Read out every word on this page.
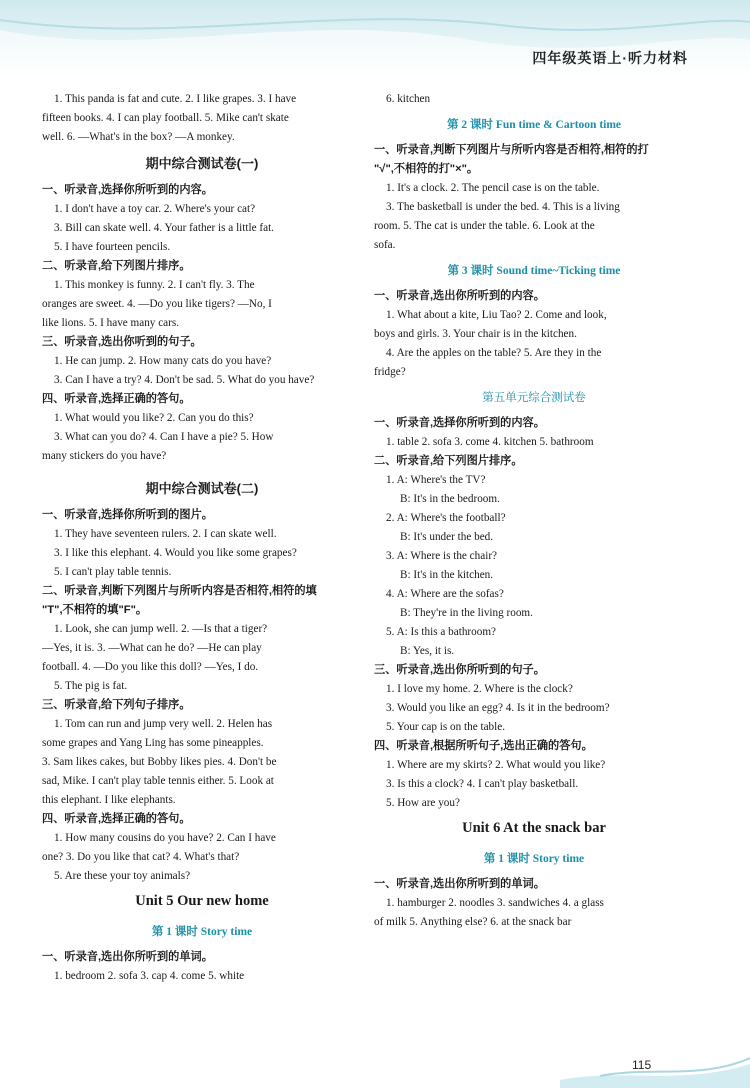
四年级英语上·听力材料
1. This panda is fat and cute. 2. I like grapes. 3. I have
fifteen books. 4. I can play football. 5. Mike can't skate
well. 6. —What's in the box? —A monkey.
期中综合测试卷(一)
一、听录音,选择你所听到的内容。
1. I don't have a toy car. 2. Where's your cat?
3. Bill can skate well. 4. Your father is a little fat.
5. I have fourteen pencils.
二、听录音,给下列图片排序。
1. This monkey is funny. 2. I can't fly. 3. The
oranges are sweet. 4. —Do you like tigers? —No, I
like lions. 5. I have many cars.
三、听录音,选出你听到的句子。
1. He can jump. 2. How many cats do you have?
3. Can I have a try? 4. Don't be sad. 5. What do you have?
四、听录音,选择正确的答句。
1. What would you like? 2. Can you do this?
3. What can you do? 4. Can I have a pie? 5. How
many stickers do you have?
期中综合测试卷(二)
一、听录音,选择你所听到的图片。
1. They have seventeen rulers. 2. I can skate well.
3. I like this elephant. 4. Would you like some grapes?
5. I can't play table tennis.
二、听录音,判断下列图片与所听内容是否相符,相符的填
"T",不相符的填"F"。
1. Look, she can jump well. 2. —Is that a tiger?
—Yes, it is. 3. —What can he do? —He can play
football. 4. —Do you like this doll? —Yes, I do.
5. The pig is fat.
三、听录音,给下列句子排序。
1. Tom can run and jump very well. 2. Helen has
some grapes and Yang Ling has some pineapples.
3. Sam likes cakes, but Bobby likes pies. 4. Don't be
sad, Mike. I can't play table tennis either. 5. Look at
this elephant. I like elephants.
四、听录音,选择正确的答句。
1. How many cousins do you have? 2. Can I have
one? 3. Do you like that cat? 4. What's that?
5. Are these your toy animals?
Unit 5 Our new home
第 1 课时 Story time
一、听录音,选出你所听到的单词。
1. bedroom 2. sofa 3. cap 4. come 5. white
6. kitchen
第 2 课时 Fun time & Cartoon time
一、听录音,判断下列图片与所听内容是否相符,相符的打
"√",不相符的打"×"。
1. It's a clock. 2. The pencil case is on the table.
3. The basketball is under the bed. 4. This is a living
room. 5. The cat is under the table. 6. Look at the
sofa.
第 3 课时 Sound time~Ticking time
一、听录音,选出你所听到的内容。
1. What about a kite, Liu Tao? 2. Come and look,
boys and girls. 3. Your chair is in the kitchen.
4. Are the apples on the table? 5. Are they in the
fridge?
第五单元综合测试卷
一、听录音,选择你所听到的内容。
1. table 2. sofa 3. come 4. kitchen 5. bathroom
二、听录音,给下列图片排序。
1. A: Where's the TV?
B: It's in the bedroom.
2. A: Where's the football?
B: It's under the bed.
3. A: Where is the chair?
B: It's in the kitchen.
4. A: Where are the sofas?
B: They're in the living room.
5. A: Is this a bathroom?
B: Yes, it is.
三、听录音,选出你所听到的句子。
1. I love my home. 2. Where is the clock?
3. Would you like an egg? 4. Is it in the bedroom?
5. Your cap is on the table.
四、听录音,根据所听句子,选出正确的答句。
1. Where are my skirts? 2. What would you like?
3. Is this a clock? 4. I can't play basketball.
5. How are you?
Unit 6 At the snack bar
第 1 课时 Story time
一、听录音,选出你所听到的单词。
1. hamburger 2. noodles 3. sandwiches 4. a glass
of milk 5. Anything else? 6. at the snack bar
115
